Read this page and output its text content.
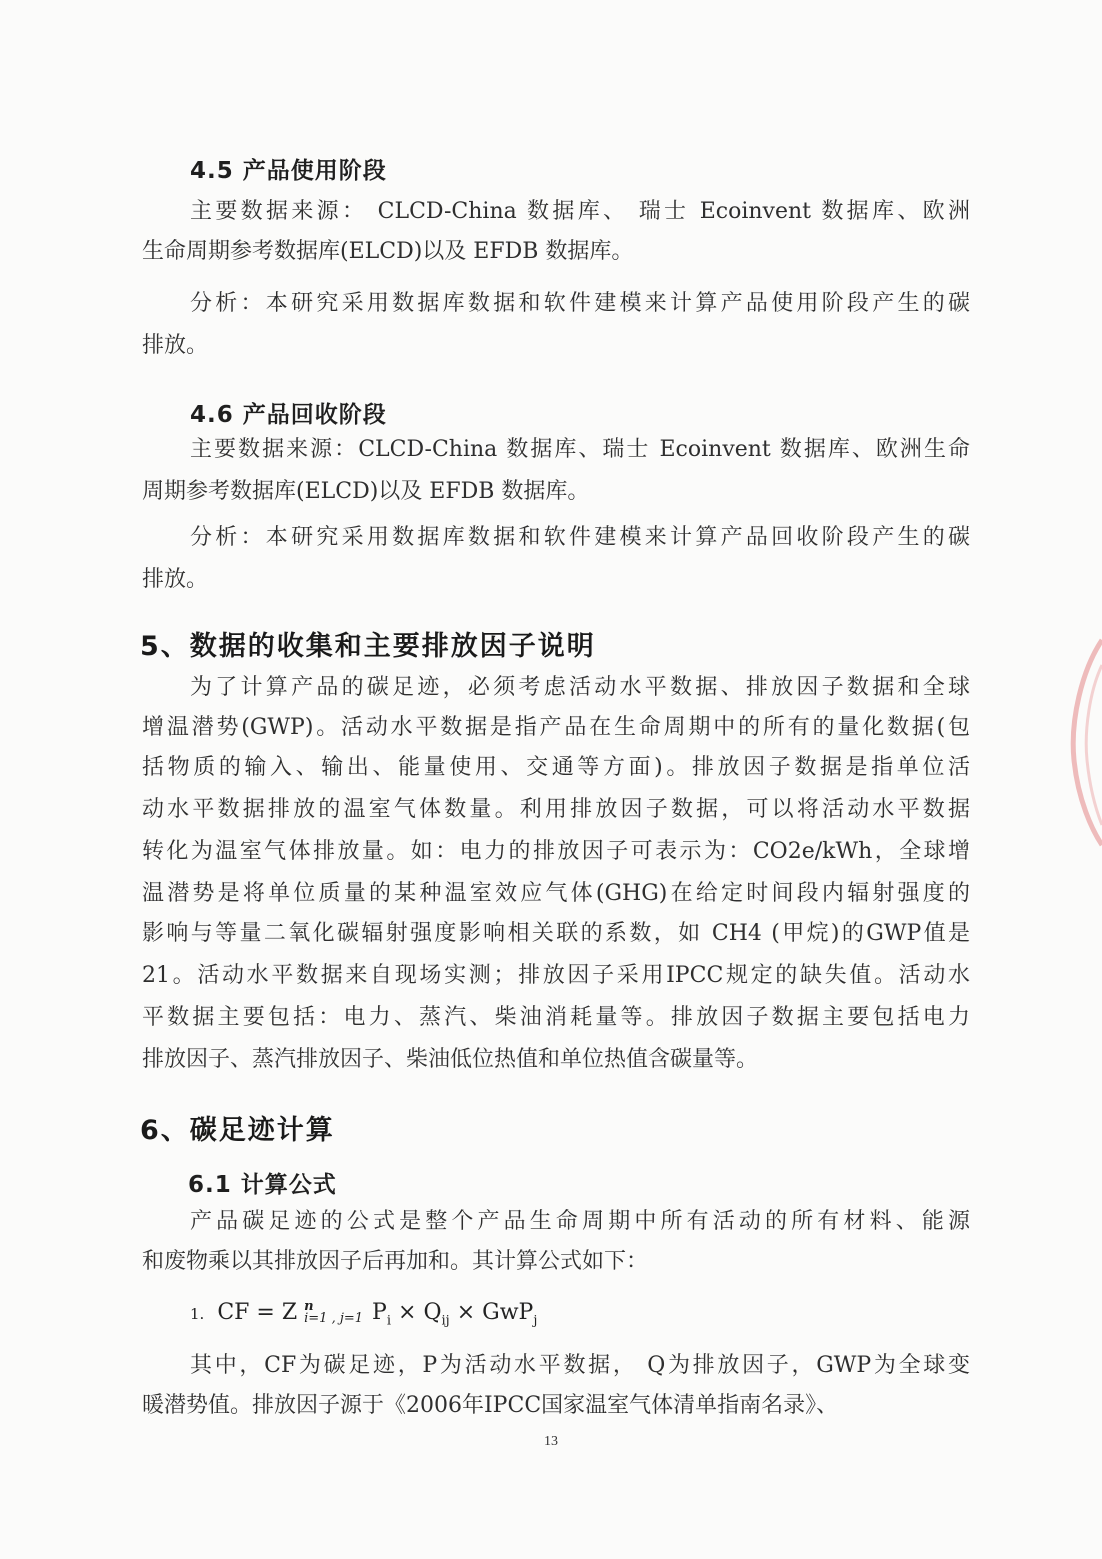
4.5 产品使用阶段
主要数据来源： CLCD-China 数据库、 瑞士 Ecoinvent 数据库、欧洲
生命周期参考数据库(ELCD)以及 EFDB 数据库。
分析：本研究采用数据库数据和软件建模来计算产品使用阶段产生的碳
排放。
4.6 产品回收阶段
主要数据来源：CLCD-China 数据库、瑞士 Ecoinvent 数据库、欧洲生命
周期参考数据库(ELCD)以及 EFDB 数据库。
分析：本研究采用数据库数据和软件建模来计算产品回收阶段产生的碳
排放。
5、数据的收集和主要排放因子说明
为了计算产品的碳足迹，必须考虑活动水平数据、排放因子数据和全球
增温潜势(GWP)。活动水平数据是指产品在生命周期中的所有的量化数据(包
括物质的输入、输出、能量使用、交通等方面)。排放因子数据是指单位活
动水平数据排放的温室气体数量。利用排放因子数据，可以将活动水平数据
转化为温室气体排放量。如：电力的排放因子可表示为：CO2e/kWh，全球增
温潜势是将单位质量的某种温室效应气体(GHG)在给定时间段内辐射强度的
影响与等量二氧化碳辐射强度影响相关联的系数，如 CH4 (甲烷)的GWP值是
21。活动水平数据来自现场实测；排放因子采用IPCC规定的缺失值。活动水
平数据主要包括：电力、蒸汽、柴油消耗量等。排放因子数据主要包括电力
排放因子、蒸汽排放因子、柴油低位热值和单位热值含碳量等。
6、碳足迹计算
6.1 计算公式
产品碳足迹的公式是整个产品生命周期中所有活动的所有材料、能源
和废物乘以其排放因子后再加和。其计算公式如下：
1. CF = Z n
i=1 , j=1 $P_i \times Q_{ij} \times GwP_j$
其中，CF为碳足迹，P为活动水平数据， Q为排放因子，GWP为全球变
暖潜势值。排放因子源于《2006年IPCC国家温室气体清单指南名录》、
13
